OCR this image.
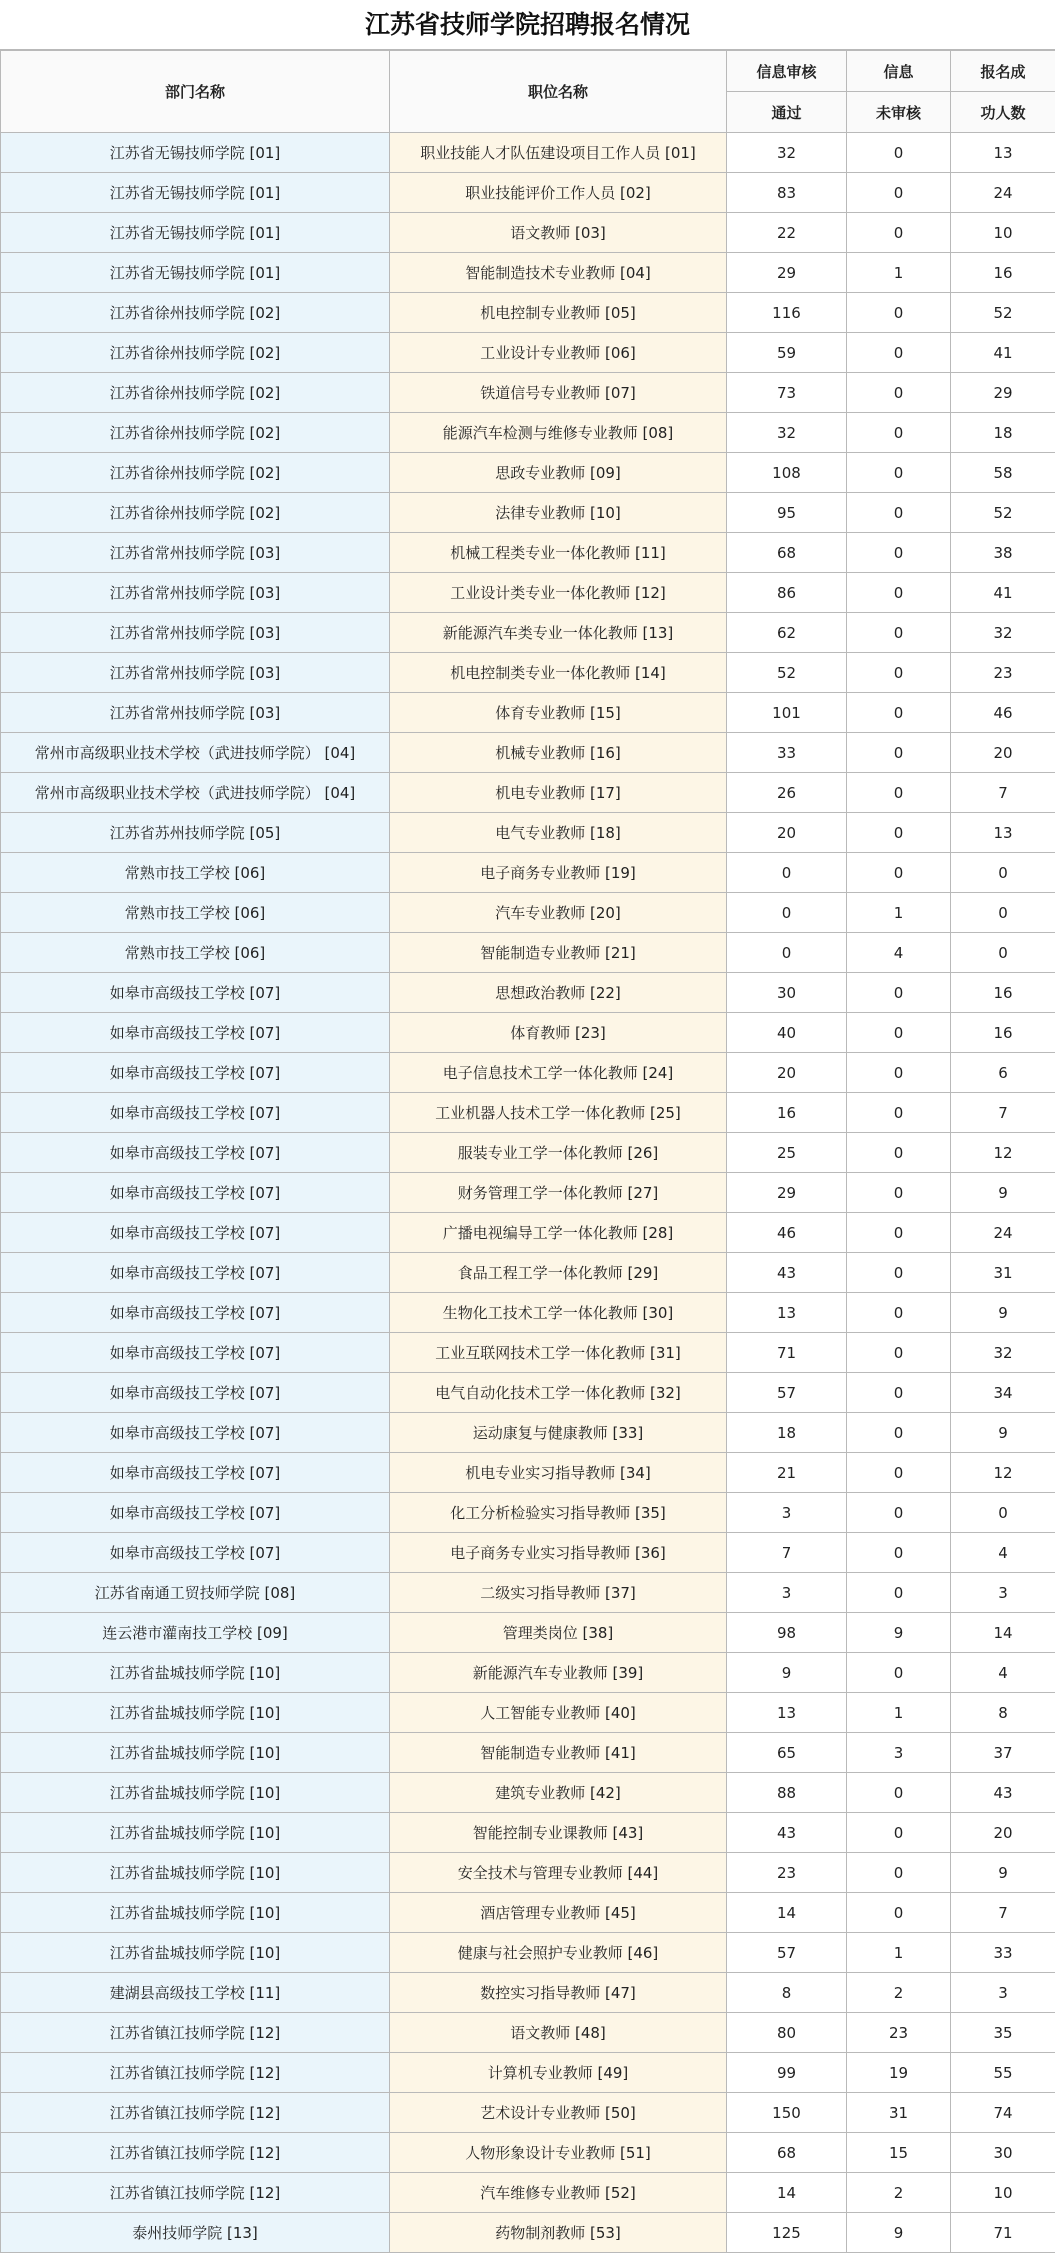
江苏省技师学院招聘报名情况
部门名称	职位名称	信息审核	信息	报名成
		通过	未审核	功人数
江苏省无锡技师学院 [01]	职业技能人才队伍建设项目工作人员 [01]	32	0	13
江苏省无锡技师学院 [01]	职业技能评价工作人员 [02]	83	0	24
江苏省无锡技师学院 [01]	语文教师 [03]	22	0	10
江苏省无锡技师学院 [01]	智能制造技术专业教师 [04]	29	1	16
江苏省徐州技师学院 [02]	机电控制专业教师 [05]	116	0	52
江苏省徐州技师学院 [02]	工业设计专业教师 [06]	59	0	41
江苏省徐州技师学院 [02]	铁道信号专业教师 [07]	73	0	29
江苏省徐州技师学院 [02]	能源汽车检测与维修专业教师 [08]	32	0	18
江苏省徐州技师学院 [02]	思政专业教师 [09]	108	0	58
江苏省徐州技师学院 [02]	法律专业教师 [10]	95	0	52
江苏省常州技师学院 [03]	机械工程类专业一体化教师 [11]	68	0	38
江苏省常州技师学院 [03]	工业设计类专业一体化教师 [12]	86	0	41
江苏省常州技师学院 [03]	新能源汽车类专业一体化教师 [13]	62	0	32
江苏省常州技师学院 [03]	机电控制类专业一体化教师 [14]	52	0	23
江苏省常州技师学院 [03]	体育专业教师 [15]	101	0	46
常州市高级职业技术学校（武进技师学院） [04]	机械专业教师 [16]	33	0	20
常州市高级职业技术学校（武进技师学院） [04]	机电专业教师 [17]	26	0	7
江苏省苏州技师学院 [05]	电气专业教师 [18]	20	0	13
常熟市技工学校 [06]	电子商务专业教师 [19]	0	0	0
常熟市技工学校 [06]	汽车专业教师 [20]	0	1	0
常熟市技工学校 [06]	智能制造专业教师 [21]	0	4	0
如皋市高级技工学校 [07]	思想政治教师 [22]	30	0	16
如皋市高级技工学校 [07]	体育教师 [23]	40	0	16
如皋市高级技工学校 [07]	电子信息技术工学一体化教师 [24]	20	0	6
如皋市高级技工学校 [07]	工业机器人技术工学一体化教师 [25]	16	0	7
如皋市高级技工学校 [07]	服装专业工学一体化教师 [26]	25	0	12
如皋市高级技工学校 [07]	财务管理工学一体化教师 [27]	29	0	9
如皋市高级技工学校 [07]	广播电视编导工学一体化教师 [28]	46	0	24
如皋市高级技工学校 [07]	食品工程工学一体化教师 [29]	43	0	31
如皋市高级技工学校 [07]	生物化工技术工学一体化教师 [30]	13	0	9
如皋市高级技工学校 [07]	工业互联网技术工学一体化教师 [31]	71	0	32
如皋市高级技工学校 [07]	电气自动化技术工学一体化教师 [32]	57	0	34
如皋市高级技工学校 [07]	运动康复与健康教师 [33]	18	0	9
如皋市高级技工学校 [07]	机电专业实习指导教师 [34]	21	0	12
如皋市高级技工学校 [07]	化工分析检验实习指导教师 [35]	3	0	0
如皋市高级技工学校 [07]	电子商务专业实习指导教师 [36]	7	0	4
江苏省南通工贸技师学院 [08]	二级实习指导教师 [37]	3	0	3
连云港市灌南技工学校 [09]	管理类岗位 [38]	98	9	14
江苏省盐城技师学院 [10]	新能源汽车专业教师 [39]	9	0	4
江苏省盐城技师学院 [10]	人工智能专业教师 [40]	13	1	8
江苏省盐城技师学院 [10]	智能制造专业教师 [41]	65	3	37
江苏省盐城技师学院 [10]	建筑专业教师 [42]	88	0	43
江苏省盐城技师学院 [10]	智能控制专业课教师 [43]	43	0	20
江苏省盐城技师学院 [10]	安全技术与管理专业教师 [44]	23	0	9
江苏省盐城技师学院 [10]	酒店管理专业教师 [45]	14	0	7
江苏省盐城技师学院 [10]	健康与社会照护专业教师 [46]	57	1	33
建湖县高级技工学校 [11]	数控实习指导教师 [47]	8	2	3
江苏省镇江技师学院 [12]	语文教师 [48]	80	23	35
江苏省镇江技师学院 [12]	计算机专业教师 [49]	99	19	55
江苏省镇江技师学院 [12]	艺术设计专业教师 [50]	150	31	74
江苏省镇江技师学院 [12]	人物形象设计专业教师 [51]	68	15	30
江苏省镇江技师学院 [12]	汽车维修专业教师 [52]	14	2	10
泰州技师学院 [13]	药物制剂教师 [53]	125	9	71
